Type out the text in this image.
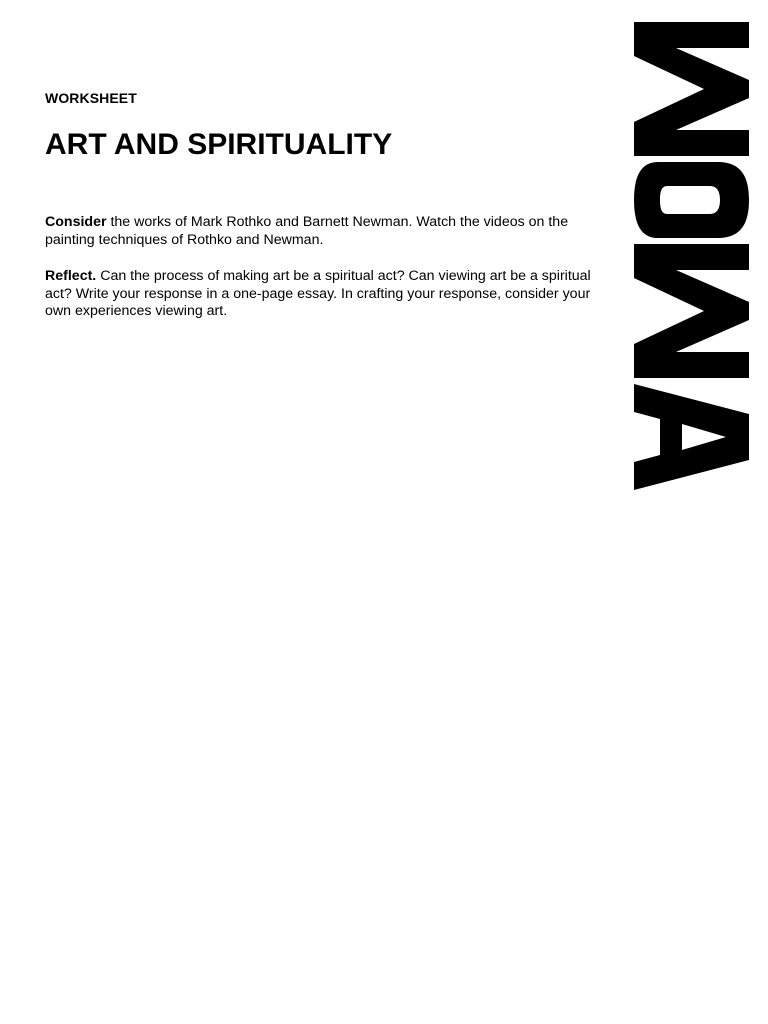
WORKSHEET
ART AND SPIRITUALITY

Consider the works of Mark Rothko and Barnett Newman. Watch the videos on the painting techniques of Rothko and Newman.

Reflect. Can the process of making art be a spiritual act? Can viewing art be a spiritual act? Write your response in a one-page essay. In crafting your response, consider your own experiences viewing art.
